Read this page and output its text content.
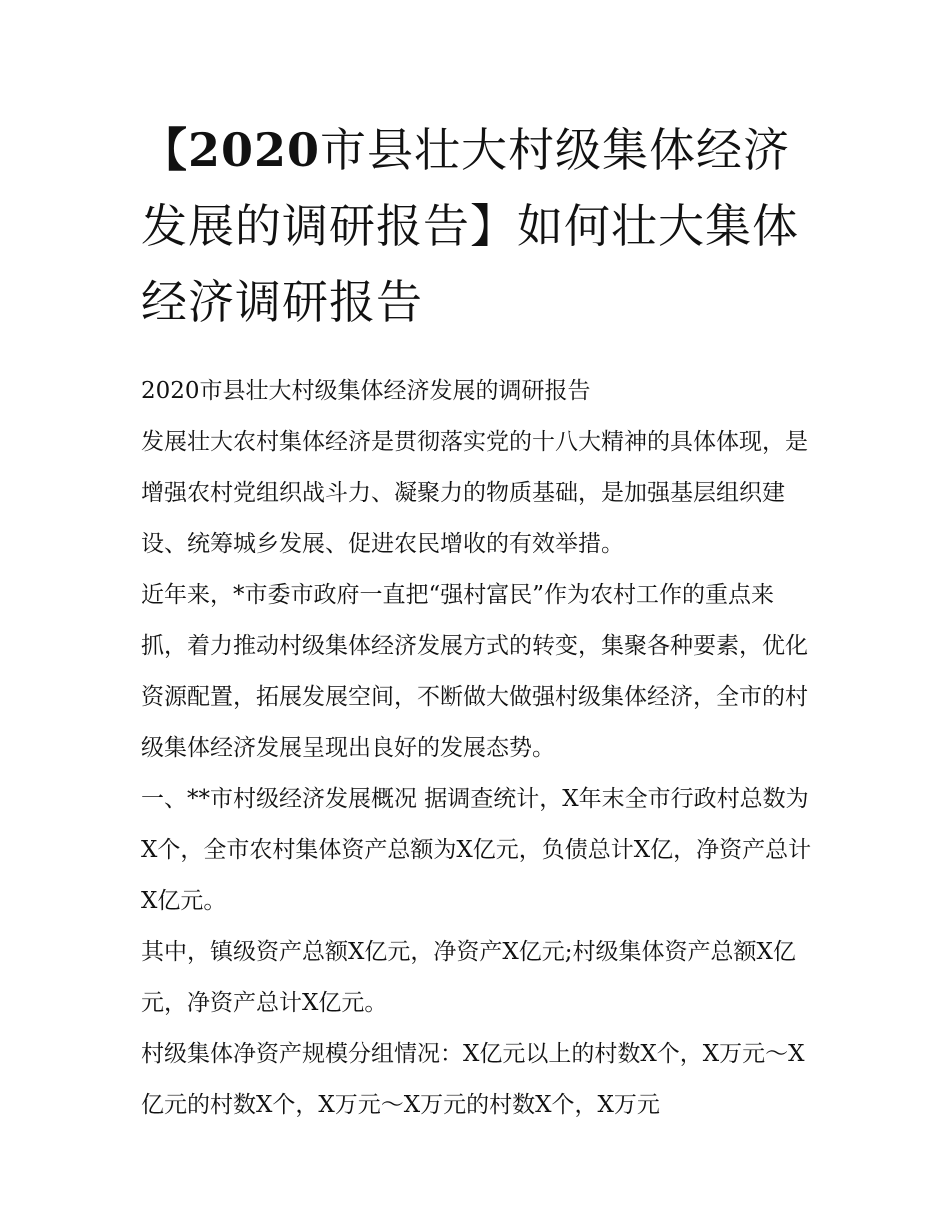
【2020市县壮大村级集体经济发展的调研报告】如何壮大集体经济调研报告

2020市县壮大村级集体经济发展的调研报告

发展壮大农村集体经济是贯彻落实党的十八大精神的具体体现，是增强农村党组织战斗力、凝聚力的物质基础，是加强基层组织建设、统筹城乡发展、促进农民增收的有效举措。

近年来，*市委市政府一直把“强村富民”作为农村工作的重点来抓，着力推动村级集体经济发展方式的转变，集聚各种要素，优化资源配置，拓展发展空间，不断做大做强村级集体经济，全市的村级集体经济发展呈现出良好的发展态势。

一、**市村级经济发展概况 据调查统计，X年末全市行政村总数为X个，全市农村集体资产总额为X亿元，负债总计X亿，净资产总计X亿元。

其中，镇级资产总额X亿元，净资产X亿元;村级集体资产总额X亿元，净资产总计X亿元。

村级集体净资产规模分组情况：X亿元以上的村数X个，X万元～X亿元的村数X个，X万元～X万元的村数X个，X万元
